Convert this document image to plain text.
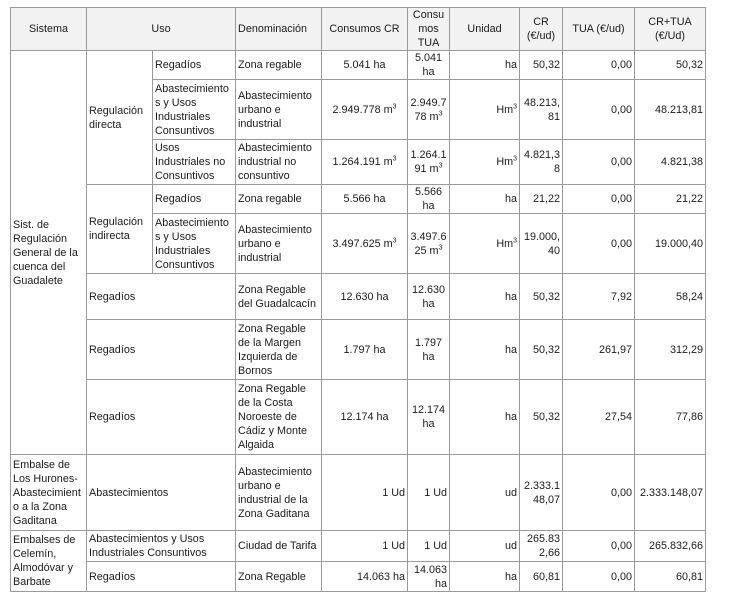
Sistema	Uso		Denominación	Consumos CR	Consumos TUA	Unidad	CR (€/ud)	TUA (€/ud)	CR+TUA (€/Ud)
Sist. de Regulación General de la cuenca del Guadalete	Regulación directa	Regadíos	Zona regable	5.041 ha	5.041 ha	ha	50,32	0,00	50,32
		Abastecimientos y Usos Industriales Consuntivos	Abastecimiento urbano e industrial	2.949.778 $m^3$	2.949.778 $m^3$	Hm$^3$	48.213,81	0,00	48.213,81
		Usos Industriales no Consuntivos	Abastecimiento industrial no consuntivo	1.264.191 $m^3$	1.264.191 $m^3$	Hm$^3$	4.821,38	0,00	4.821,38
	Regulación indirecta	Regadíos	Zona regable	5.566 ha	5.566 ha	ha	21,22	0,00	21,22
		Abastecimientos y Usos Industriales Consuntivos	Abastecimiento urbano e industrial	3.497.625 $m^3$	3.497.625 $m^3$	Hm$^3$	19.000,40	0,00	19.000,40
	Regadíos		Zona Regable del Guadalcacín	12.630 ha	12.630 ha	ha	50,32	7,92	58,24
	Regadíos		Zona Regable de la Margen Izquierda de Bornos	1.797 ha	1.797 ha	ha	50,32	261,97	312,29
	Regadíos		Zona Regable de la Costa Noroeste de Cádiz y Monte Algaida	12.174 ha	12.174 ha	ha	50,32	27,54	77,86
Embalse de Los Hurones-Abastecimiento a la Zona Gaditana	Abastecimientos		Abastecimiento urbano e industrial de la Zona Gaditana	1 Ud	1 Ud	ud	2.333.148,07	0,00	2.333.148,07
Embalses de Celemín, Almodóvar y Barbate	Abastecimientos y Usos Industriales Consuntivos		Ciudad de Tarifa	1 Ud	1 Ud	ud	265.832,66	0,00	265.832,66
	Regadíos		Zona Regable	14.063 ha	14.063 ha	ha	60,81	0,00	60,81
